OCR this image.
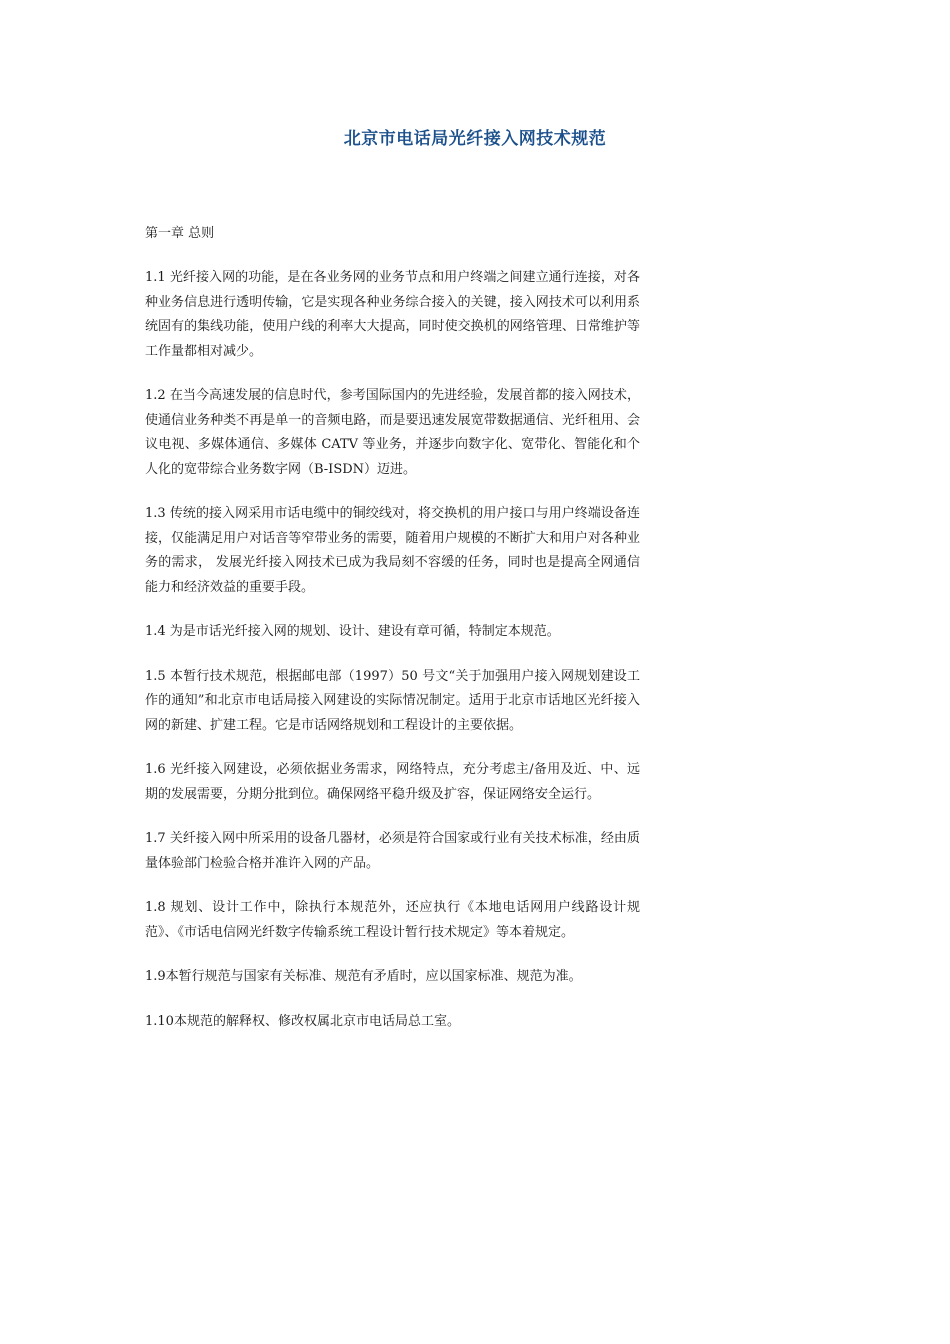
北京市电话局光纤接入网技术规范
第一章 总则

1.1 光纤接入网的功能，是在各业务网的业务节点和用户终端之间建立通行连接，对各种业务信息进行透明传输，它是实现各种业务综合接入的关键，接入网技术可以利用系统固有的集线功能，使用户线的利率大大提高，同时使交换机的网络管理、日常维护等工作量都相对减少。

1.2 在当今高速发展的信息时代，参考国际国内的先进经验，发展首都的接入网技术，使通信业务种类不再是单一的音频电路，而是要迅速发展宽带数据通信、光纤租用、会议电视、多媒体通信、多媒体 CATV 等业务，并逐步向数字化、宽带化、智能化和个人化的宽带综合业务数字网（B-ISDN）迈进。

1.3 传统的接入网采用市话电缆中的铜绞线对，将交换机的用户接口与用户终端设备连接，仅能满足用户对话音等窄带业务的需要，随着用户规模的不断扩大和用户对各种业务的需求， 发展光纤接入网技术已成为我局刻不容缓的任务，同时也是提高全网通信能力和经济效益的重要手段。

1.4 为是市话光纤接入网的规划、设计、建设有章可循，特制定本规范。

1.5 本暂行技术规范，根据邮电部（1997）50 号文“关于加强用户接入网规划建设工作的通知”和北京市电话局接入网建设的实际情况制定。适用于北京市话地区光纤接入网的新建、扩建工程。它是市话网络规划和工程设计的主要依据。

1.6 光纤接入网建设，必须依据业务需求，网络特点，充分考虑主/备用及近、中、远期的发展需要，分期分批到位。确保网络平稳升级及扩容，保证网络安全运行。

1.7 关纤接入网中所采用的设备几器材，必须是符合国家或行业有关技术标准，经由质量体验部门检验合格并准许入网的产品。

1.8 规划、设计工作中，除执行本规范外，还应执行《本地电话网用户线路设计规范》、《市话电信网光纤数字传输系统工程设计暂行技术规定》等本着规定。

1.9本暂行规范与国家有关标准、规范有矛盾时，应以国家标准、规范为准。

1.10本规范的解释权、修改权属北京市电话局总工室。
